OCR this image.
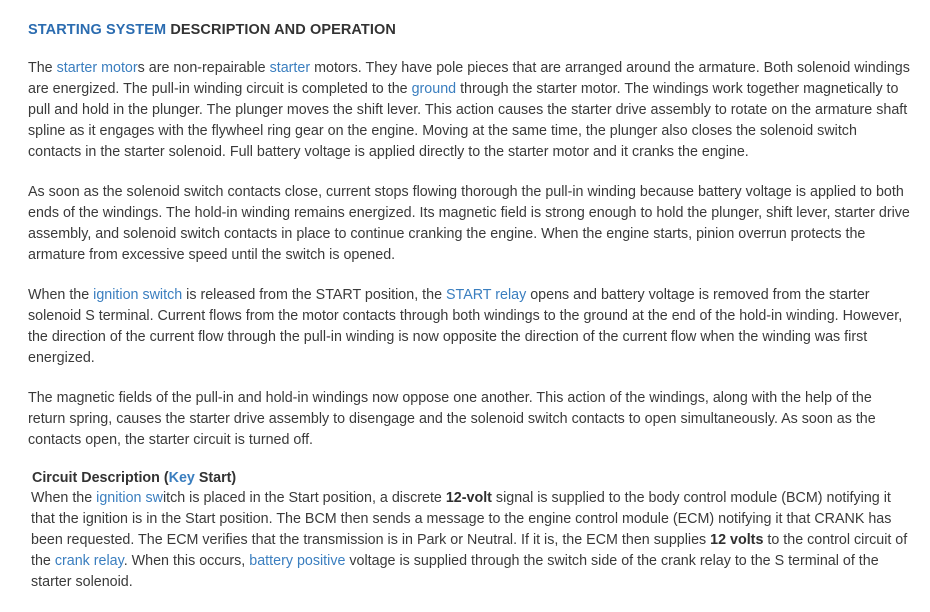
STARTING SYSTEM DESCRIPTION AND OPERATION

The starter motors are non-repairable starter motors. They have pole pieces that are arranged around the armature. Both solenoid windings are energized. The pull-in winding circuit is completed to the ground through the starter motor. The windings work together magnetically to pull and hold in the plunger. The plunger moves the shift lever. This action causes the starter drive assembly to rotate on the armature shaft spline as it engages with the flywheel ring gear on the engine. Moving at the same time, the plunger also closes the solenoid switch contacts in the starter solenoid. Full battery voltage is applied directly to the starter motor and it cranks the engine.

As soon as the solenoid switch contacts close, current stops flowing thorough the pull-in winding because battery voltage is applied to both ends of the windings. The hold-in winding remains energized. Its magnetic field is strong enough to hold the plunger, shift lever, starter drive assembly, and solenoid switch contacts in place to continue cranking the engine. When the engine starts, pinion overrun protects the armature from excessive speed until the switch is opened.

When the ignition switch is released from the START position, the START relay opens and battery voltage is removed from the starter solenoid S terminal. Current flows from the motor contacts through both windings to the ground at the end of the hold-in winding. However, the direction of the current flow through the pull-in winding is now opposite the direction of the current flow when the winding was first energized.

The magnetic fields of the pull-in and hold-in windings now oppose one another. This action of the windings, along with the help of the return spring, causes the starter drive assembly to disengage and the solenoid switch contacts to open simultaneously. As soon as the contacts open, the starter circuit is turned off.

Circuit Description (Key Start)

When the ignition switch is placed in the Start position, a discrete 12-volt signal is supplied to the body control module (BCM) notifying it that the ignition is in the Start position. The BCM then sends a message to the engine control module (ECM) notifying it that CRANK has been requested. The ECM verifies that the transmission is in Park or Neutral. If it is, the ECM then supplies 12 volts to the control circuit of the crank relay. When this occurs, battery positive voltage is supplied through the switch side of the crank relay to the S terminal of the starter solenoid.
